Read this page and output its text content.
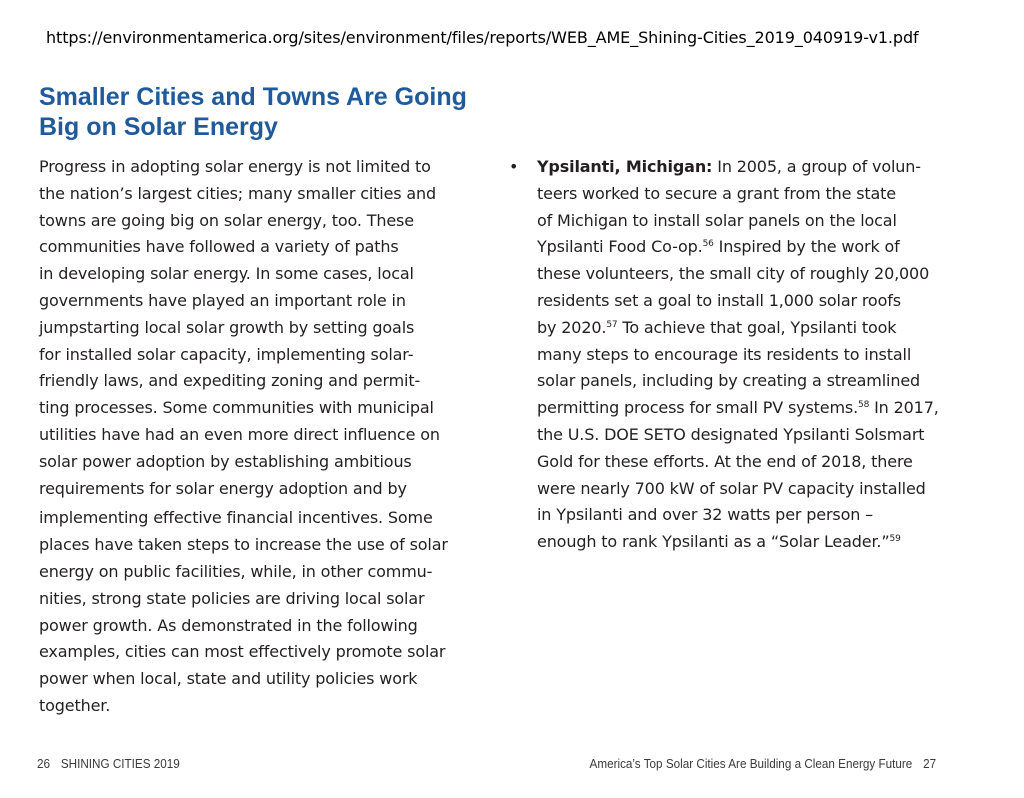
https://environmentamerica.org/sites/environment/files/reports/WEB_AME_Shining-Cities_2019_040919-v1.pdf
Smaller Cities and Towns Are Going
Big on Solar Energy
Progress in adopting solar energy is not limited to
the nation’s largest cities; many smaller cities and
towns are going big on solar energy, too. These
communities have followed a variety of paths
in developing solar energy. In some cases, local
governments have played an important role in
jumpstarting local solar growth by setting goals
for installed solar capacity, implementing solar-
friendly laws, and expediting zoning and permit-
ting processes. Some communities with municipal
utilities have had an even more direct influence on
solar power adoption by establishing ambitious
requirements for solar energy adoption and by
implementing effective financial incentives. Some
places have taken steps to increase the use of solar
energy on public facilities, while, in other commu-
nities, strong state policies are driving local solar
power growth. As demonstrated in the following
examples, cities can most effectively promote solar
power when local, state and utility policies work
together.
• Ypsilanti, Michigan: In 2005, a group of volun-
teers worked to secure a grant from the state
of Michigan to install solar panels on the local
Ypsilanti Food Co-op.$^{56}$ Inspired by the work of
these volunteers, the small city of roughly 20,000
residents set a goal to install 1,000 solar roofs
by 2020.57 To achieve that goal, Ypsilanti took
many steps to encourage its residents to install
solar panels, including by creating a streamlined
permitting process for small PV systems.$^{58}$ In 2017,
the U.S. DOE SETO designated Ypsilanti Solsmart
Gold for these efforts. At the end of 2018, there
were nearly 700 kW of solar PV capacity installed
in Ypsilanti and over 32 watts per person –
enough to rank Ypsilanti as a “Solar Leader.”$^{59}$
26 SHINING CITIES 2019	America’s Top Solar Cities Are Building a Clean Energy Future 27
